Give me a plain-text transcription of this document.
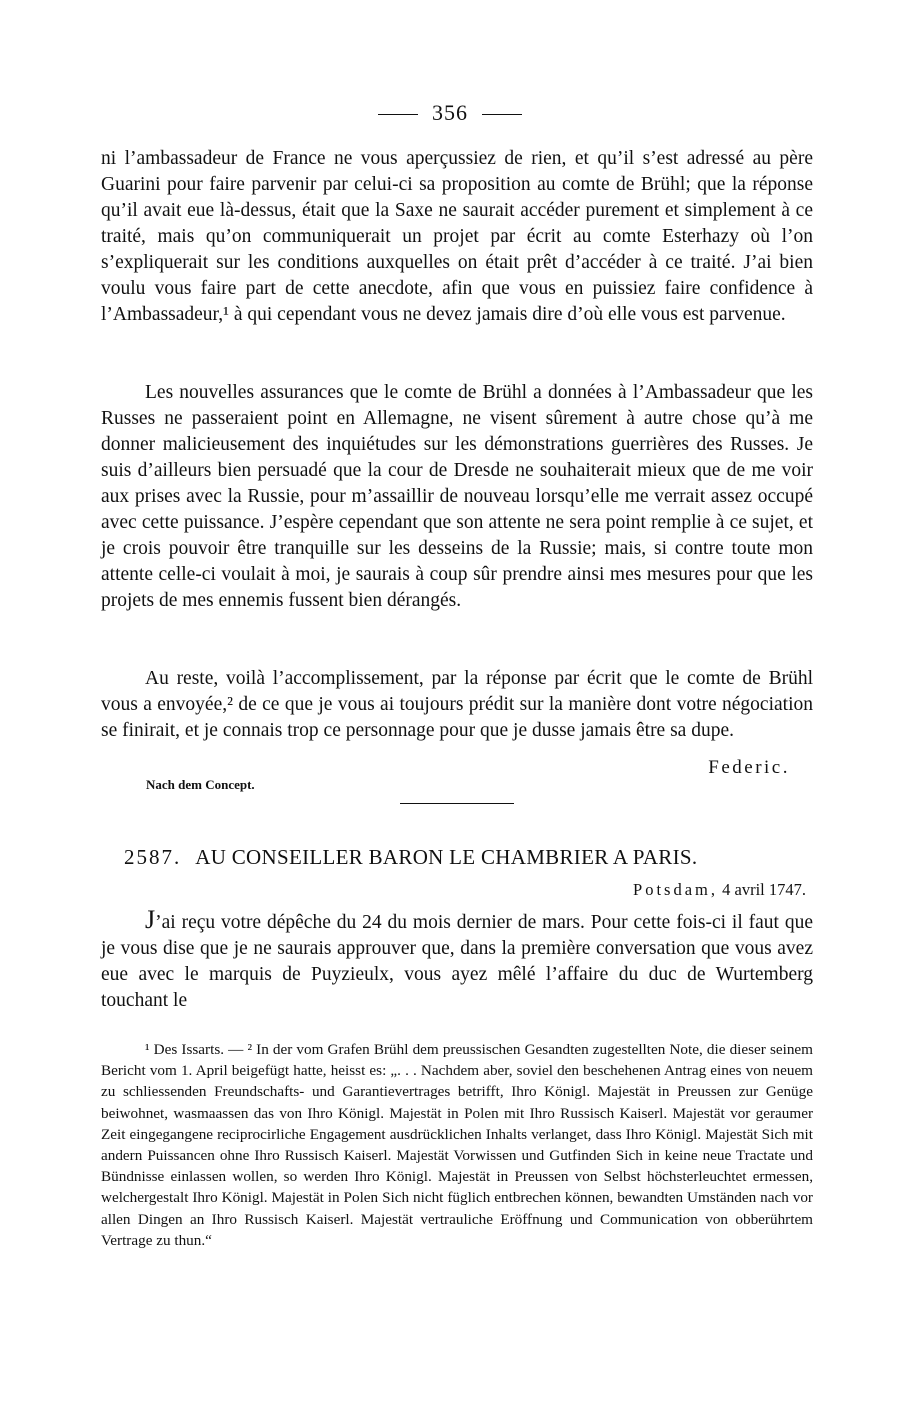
356

ni l’ambassadeur de France ne vous aperçussiez de rien, et qu’il s’est adressé au père Guarini pour faire parvenir par celui-ci sa proposition au comte de Brühl; que la réponse qu’il avait eue là-dessus, était que la Saxe ne saurait accéder purement et simplement à ce traité, mais qu’on communiquerait un projet par écrit au comte Esterhazy où l’on s’expliquerait sur les conditions auxquelles on était prêt d’accéder à ce traité. J’ai bien voulu vous faire part de cette anecdote, afin que vous en puissiez faire confidence à l’Ambassadeur,¹ à qui cependant vous ne devez jamais dire d’où elle vous est parvenue.

Les nouvelles assurances que le comte de Brühl a données à l’Ambassadeur que les Russes ne passeraient point en Allemagne, ne visent sûrement à autre chose qu’à me donner malicieusement des inquiétudes sur les démonstrations guerrières des Russes. Je suis d’ailleurs bien persuadé que la cour de Dresde ne souhaiterait mieux que de me voir aux prises avec la Russie, pour m’assaillir de nouveau lorsqu’elle me verrait assez occupé avec cette puissance. J’espère cependant que son attente ne sera point remplie à ce sujet, et je crois pouvoir être tranquille sur les desseins de la Russie; mais, si contre toute mon attente celle-ci voulait à moi, je saurais à coup sûr prendre ainsi mes mesures pour que les projets de mes ennemis fussent bien dérangés.

Au reste, voilà l’accomplissement, par la réponse par écrit que le comte de Brühl vous a envoyée,² de ce que je vous ai toujours prédit sur la manière dont votre négociation se finirait, et je connais trop ce personnage pour que je dusse jamais être sa dupe.

Federic.
Nach dem Concept.
2587. AU CONSEILLER BARON LE CHAMBRIER A PARIS.
Potsdam, 4 avril 1747.

J’ai reçu votre dépêche du 24 du mois dernier de mars. Pour cette fois-ci il faut que je vous dise que je ne saurais approuver que, dans la première conversation que vous avez eue avec le marquis de Puyzieulx, vous ayez mêlé l’affaire du duc de Wurtemberg touchant le

¹ Des Issarts. — ² In der vom Grafen Brühl dem preussischen Gesandten zugestellten Note, die dieser seinem Bericht vom 1. April beigefügt hatte, heisst es: „. . . Nachdem aber, soviel den beschehenen Antrag eines von neuem zu schliessenden Freundschafts- und Garantievertrages betrifft, Ihro Königl. Majestät in Preussen zur Genüge beiwohnet, wasmaassen das von Ihro Königl. Majestät in Polen mit Ihro Russisch Kaiserl. Majestät vor geraumer Zeit eingegangene reciprocirliche Engagement ausdrücklichen Inhalts verlanget, dass Ihro Königl. Majestät Sich mit andern Puissancen ohne Ihro Russisch Kaiserl. Majestät Vorwissen und Gutfinden Sich in keine neue Tractate und Bündnisse einlassen wollen, so werden Ihro Königl. Majestät in Preussen von Selbst höchsterleuchtet ermessen, welchergestalt Ihro Königl. Majestät in Polen Sich nicht füglich entbrechen können, bewandten Umständen nach vor allen Dingen an Ihro Russisch Kaiserl. Majestät vertrauliche Eröffnung und Communication von obberührtem Vertrage zu thun.“
